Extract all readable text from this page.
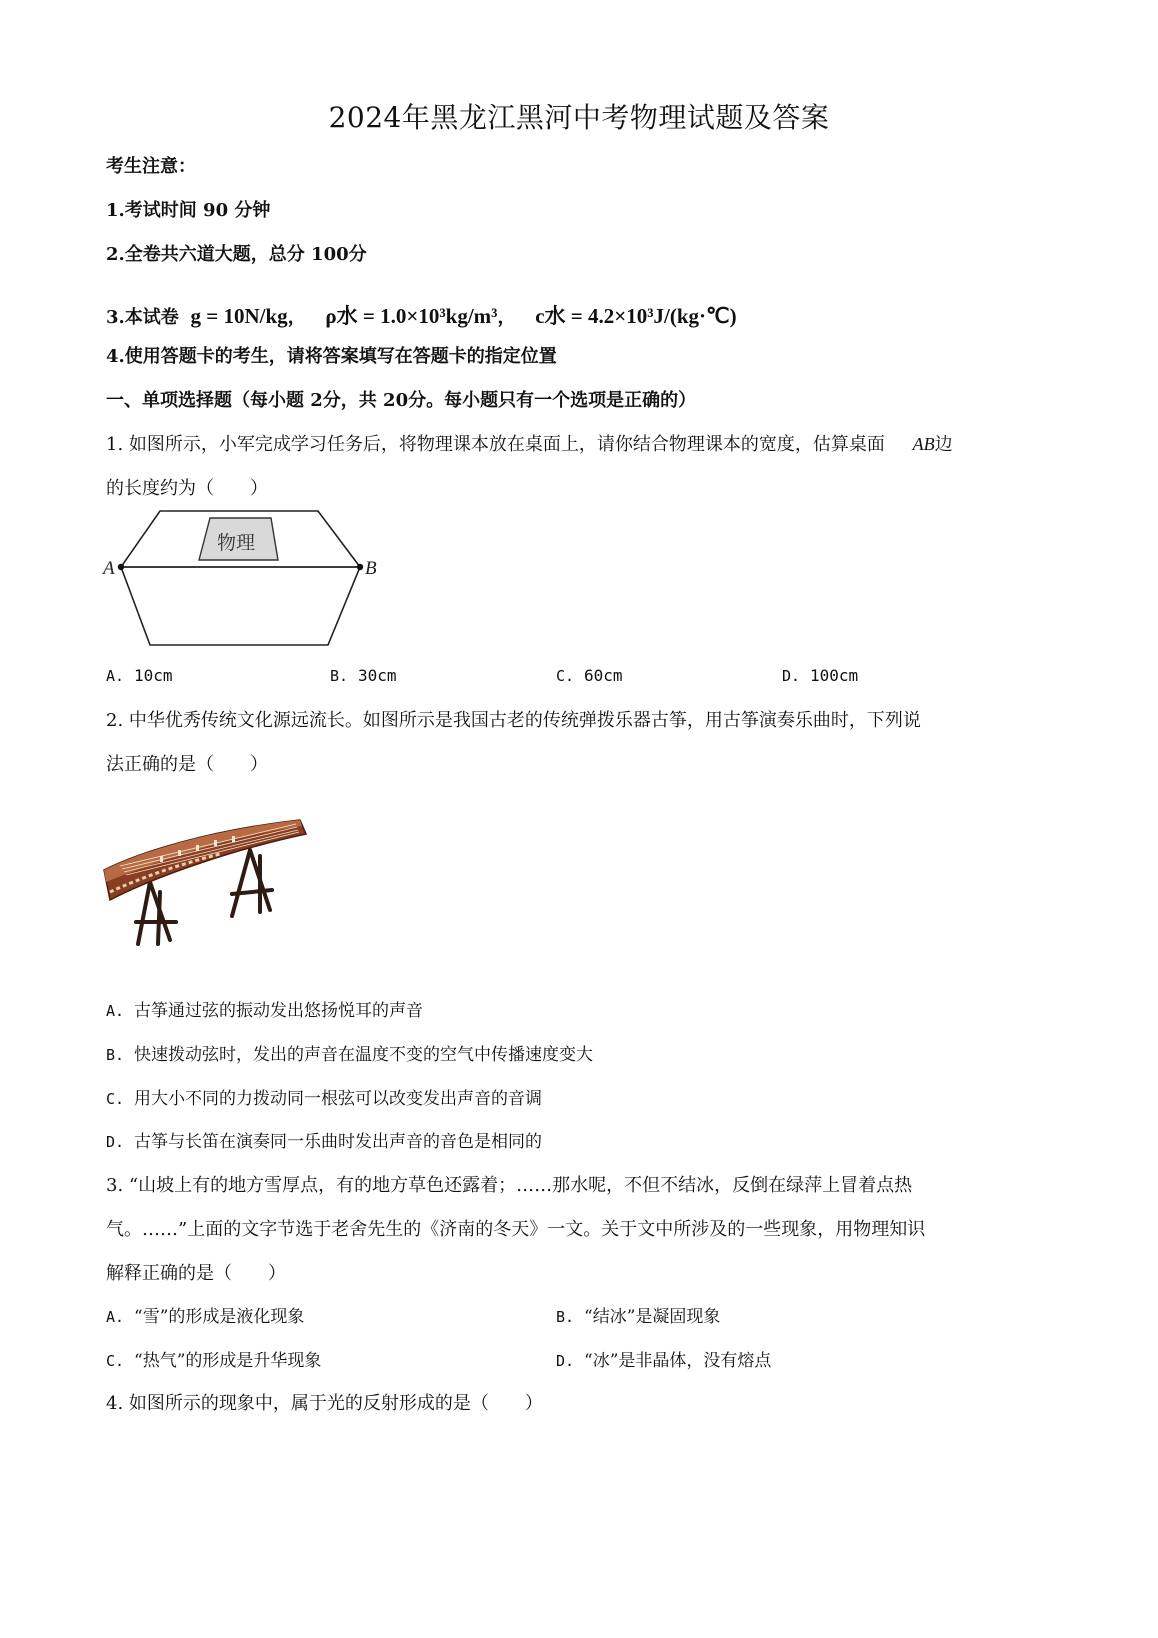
2024年黑龙江黑河中考物理试题及答案
考生注意：
1.考试时间 90 分钟
2.全卷共六道大题，总分 100分
3.本试卷 g = 10N/kg， ρ水 = 1.0×10³kg/m³， c水 = 4.2×10³J/(kg·℃)
4.使用答题卡的考生，请将答案填写在答题卡的指定位置
一、单项选择题（每小题 2分，共 20分。每小题只有一个选项是正确的）
1. 如图所示，小军完成学习任务后，将物理课本放在桌面上，请你结合物理课本的宽度，估算桌面 AB边
的长度约为（　　）
物理
A	B
A. 10cm	B. 30cm	C. 60cm	D. 100cm
2. 中华优秀传统文化源远流长。如图所示是我国古老的传统弹拨乐器古筝，用古筝演奏乐曲时，下列说
法正确的是（　　）
A. 古筝通过弦的振动发出悠扬悦耳的声音
B. 快速拨动弦时，发出的声音在温度不变的空气中传播速度变大
C. 用大小不同的力拨动同一根弦可以改变发出声音的音调
D. 古筝与长笛在演奏同一乐曲时发出声音的音色是相同的
3. “山坡上有的地方雪厚点，有的地方草色还露着；……那水呢，不但不结冰，反倒在绿萍上冒着点热
气。……”上面的文字节选于老舍先生的《济南的冬天》一文。关于文中所涉及的一些现象，用物理知识
解释正确的是（　　）
A. “雪”的形成是液化现象	B. “结冰”是凝固现象
C. “热气”的形成是升华现象	D. “冰”是非晶体，没有熔点
4. 如图所示的现象中，属于光的反射形成的是（　　）
